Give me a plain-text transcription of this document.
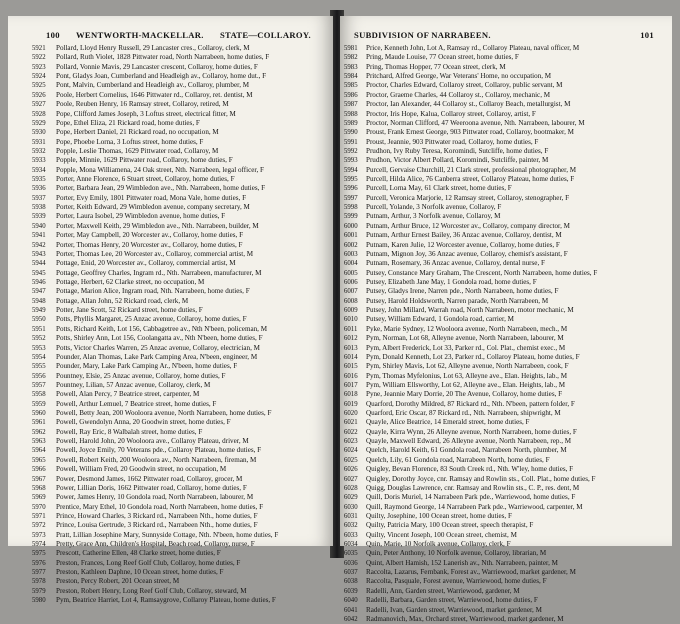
100 WENTWORTH-MACKELLAR. STATE—COLLAROY.
5921 Pollard, Lloyd Henry Russell, 29 Lancaster cres., Collaroy, clerk, M
5922 Pollard, Ruth Violet, 1828 Pittwater road, North Narrabeen, home duties, F
5923 Pollard, Vonnie Mavis, 29 Lancaster crescent, Collaroy, home duties, F
5924 Pont, Gladys Joan, Cumberland and Headleigh av., Collaroy, home dut., F
5925 Pont, Malvin, Cumberland and Headleigh av., Collaroy, plumber, M
5926 Poole, Herbert Cornelius, 1646 Pittwater rd., Collaroy, ret. dentist, M
5927 Poole, Reuben Henry, 16 Ramsay street, Collaroy, retired, M
5928 Pope, Clifford James Joseph, 3 Loftus street, electrical fitter, M
5929 Pope, Ethel Eliza, 21 Rickard road, home duties, F
5930 Pope, Herbert Daniel, 21 Rickard road, no occupation, M
5931 Pope, Phoebe Lorna, 3 Loftus street, home duties, F
5932 Popple, Leslie Thomas, 1629 Pittwater road, Collaroy, M
5933 Popple, Minnie, 1629 Pittwater road, Collaroy, home duties, F
5934 Popple, Mona Williamena, 24 Oak street, Nth. Narrabeen, legal officer, F
5935 Porter, Anne Florence, 6 Stuart street, Collaroy, home duties, F
5936 Porter, Barbara Jean, 29 Wimbledon ave., Nth. Narrabeen, home duties, F
5937 Porter, Evy Emily, 1801 Pittwater road, Mona Vale, home duties, F
5938 Porter, Keith Edward, 29 Wimbledon avenue, company secretary, M
5939 Porter, Laura Isobel, 29 Wimbledon avenue, home duties, F
5940 Porter, Maxwell Keith, 29 Wimbledon ave., Nth. Narrabeen, builder, M
5941 Porter, May Campbell, 20 Worcester av., Collaroy, home duties, F
5942 Porter, Thomas Henry, 20 Worcester av., Collaroy, home duties, F
5943 Porter, Thomas Lee, 20 Worcester av., Collaroy, commercial artist, M
5944 Pottage, Enid, 20 Worcester av., Collaroy, commercial artist, M
5945 Pottage, Geoffrey Charles, Ingram rd., Nth. Narrabeen, manufacturer, M
5946 Pottage, Herbert, 62 Clarke street, no occupation, M
5947 Pottage, Marion Alice, Ingram road, Nth. Narrabeen, home duties, F
5948 Pottage, Allan John, 52 Rickard road, clerk, M
5949 Potter, Jane Scott, 52 Rickard street, home duties, F
5950 Potts, Phyllis Margaret, 25 Anzac avenue, Collaroy, home duties, F
5951 Potts, Richard Keith, Lot 156, Cabbagetree av., Nth N'been, policeman, M
5952 Potts, Shirley Ann, Lot 156, Coolangatta av., Nth N'been, home duties, F
5953 Potts, Victor Charles Warren, 25 Anzac avenue, Collaroy, electrician, M
5954 Pounder, Alan Thomas, Lake Park Camping Area, N'been, engineer, M
5955 Pounder, Mary, Lake Park Camping Ar., N'been, home duties, F
5956 Pountney, Elsie, 25 Anzac avenue, Collaroy, home duties, F
5957 Pountney, Lilian, 57 Anzac avenue, Collaroy, clerk, M
5958 Powell, Alan Percy, 7 Beatrice street, carpenter, M
5959 Powell, Arthur Lemuel, 7 Beatrice street, home duties, F
5960 Powell, Betty Jean, 200 Wooloora avenue, North Narrabeen, home duties, F
5961 Powell, Gwendolyn Anna, 20 Goodwin street, home duties, F
5962 Powell, Ray Eric, 8 Walbalah street, home duties, F
5963 Powell, Harold John, 20 Wooloora ave., Collaroy Plateau, driver, M
5964 Powell, Joyce Emily, 70 Veterans pde., Collaroy Plateau, home duties, F
5965 Powell, Robert Keith, 200 Wooloora av., North Narrabeen, fireman, M
5966 Powell, William Fred, 20 Goodwin street, no occupation, M
5967 Power, Desmond James, 1662 Pittwater road, Collaroy, grocer, M
5968 Power, Lillian Doris, 1662 Pittwater road, Collaroy, home duties, F
5969 Power, James Henry, 10 Gondola road, North Narrabeen, labourer, M
5970 Prentice, Mary Ethel, 10 Gondola road, North Narrabeen, home duties, F
5971 Prince, Howard Charles, 3 Rickard rd., Narrabeen Nth., home duties, F
5972 Prince, Louisa Gertrude, 3 Rickard rd., Narrabeen Nth., home duties, F
5973 Pratt, Lillian Josephine Mary, Sunnyside Cottage, Nth. N'been, home duties, F
5974 Pretty, Grace Ann, Children's Hospital, Beach road, Collaroy, nurse, F
5975 Prescott, Catherine Ellen, 48 Clarke street, home duties, F
5976 Preston, Frances, Long Reef Golf Club, Collaroy, home duties, F
5977 Preston, Kathleen Daphne, 10 Ocean street, home duties, F
5978 Preston, Percy Robert, 201 Ocean street, M
5979 Preston, Robert Henry, Long Reef Golf Club, Collaroy, steward, M
5980 Pym, Beatrice Harriet, Lot 4, Ramsaygrove, Collaroy Plateau, home duties, F
SUBDIVISION OF NARRABEEN.	101
5981 Price, Kenneth John, Lot A, Ramsay rd., Collaroy Plateau, naval officer, M
5982 Pring, Maude Louise, 77 Ocean street, home duties, F
5983 Pring, Thomas Hopper, 77 Ocean street, clerk, M
5984 Pritchard, Alfred George, War Veterans' Home, no occupation, M
5985 Proctor, Charles Edward, Collaroy street, Collaroy, public servant, M
5986 Proctor, Graeme Charles, 44 Collaroy st., Collaroy, mechanic, M
5987 Proctor, Ian Alexander, 44 Collaroy st., Collaroy Beach, metallurgist, M
5988 Proctor, Iris Hope, Kalua, Collaroy street, Collaroy, artist, F
5989 Proctor, Norman Clifford, 47 Weeroona avenue, Nth. Narrabeen, labourer, M
5990 Proust, Frank Ernest George, 903 Pittwater road, Collaroy, bootmaker, M
5991 Proust, Jeannie, 903 Pittwater road, Collaroy, home duties, F
5992 Prudhon, Ivy Ruby Teresa, Koromindi, Sutcliffe, home duties, F
5993 Prudhon, Victor Albert Pollard, Koromindi, Sutcliffe, painter, M
5994 Purcell, Gervaise Churchill, 21 Clark street, professional photographer, M
5995 Purcell, Hilda Alice, 76 Canberra street, Collaroy Plateau, home duties, F
5996 Purcell, Lorna May, 61 Clark street, home duties, F
5997 Purcell, Veronica Marjorie, 12 Ramsay street, Collaroy, stenographer, F
5998 Purcell, Yolande, 3 Norfolk avenue, Collaroy, F
5999 Putnam, Arthur, 3 Norfolk avenue, Collaroy, M
6000 Putnam, Arthur Bruce, 12 Worcester av., Collaroy, company director, M
6001 Putnam, Arthur Ernest Bailey, 36 Anzac avenue, Collaroy, dentist, M
6002 Putnam, Karen Julie, 12 Worcester avenue, Collaroy, home duties, F
6003 Putnam, Mignon Joy, 36 Anzac avenue, Collaroy, chemist's assistant, F
6004 Putnam, Rosemary, 36 Anzac avenue, Collaroy, dental nurse, F
6005 Putsey, Constance Mary Graham, The Crescent, North Narrabeen, home duties, F
6006 Putsey, Elizabeth Jane May, 1 Gondola road, home duties, F
6007 Putsey, Gladys Irene, Narren pde., North Narrabeen, home duties, F
6008 Putsey, Harold Holdsworth, Narren parade, North Narrabeen, M
6009 Putsey, John Millard, Warrah road, North Narrabeen, motor mechanic, M
6010 Putsey, William Edward, 1 Gondola road, carrier, M
6011 Pyke, Marie Sydney, 12 Wooloora avenue, North Narrabeen, mech., M
6012 Pym, Norman, Lot 68, Alleyne avenue, North Narrabeen, labourer, M
6013 Pym, Albert Frederick, Lot 33, Parker rd., Col. Plat., chemist exec., M
6014 Pym, Donald Kenneth, Lot 23, Parker rd., Collaroy Plateau, home duties, F
6015 Pym, Shirley Mavis, Lot 62, Alleyne avenue, North Narrabeen, cook, F
6016 Pym, Thomas Myfelonius, Lot 63, Alleyne ave., Elan. Heights, lab., M
6017 Pym, William Ellsworthy, Lot 62, Alleyne ave., Elan. Heights, lab., M
6018 Pyne, Jeannie Mary Dorrie, 20 The Avenue, Collaroy, home duties, F
6019 Quarford, Dorothy Mildred, 87 Rickard rd., Nth. N'been, pattern folder, F
6020 Quarford, Eric Oscar, 87 Rickard rd., Nth. Narrabeen, shipwright, M
6021 Quayle, Alice Beatrice, 14 Emerald street, home duties, F
6022 Quayle, Kirra Wynn, 26 Alleyne avenue, North Narrabeen, home duties, F
6023 Quayle, Maxwell Edward, 26 Alleyne avenue, North Narrabeen, rep., M
6024 Quelch, Harold Keith, 61 Gondola road, Narrabeen North, plumber, M
6025 Quelch, Lily, 61 Gondola road, Narrabeen North, home duties, F
6026 Quigley, Bevan Florence, 83 South Creek rd., Nth. W'ley, home duties, F
6027 Quigley, Dorothy Joyce, cnr. Ramsay and Rowlin sts., Coll. Plat., home duties, F
6028 Quigg, Douglas Lawrence, cnr. Ramsay and Rowlin sts., C. P., res. dent, M
6029 Quill, Doris Muriel, 14 Narrabeen Park pde., Warriewood, home duties, F
6030 Quill, Raymond George, 14 Narrabeen Park pde., Warriewood, carpenter, M
6031 Quilty, Josephine, 100 Ocean street, home duties, F
6032 Quilty, Patricia Mary, 100 Ocean street, speech therapist, F
6033 Quilty, Vincent Joseph, 100 Ocean street, chemist, M
6034 Quin, Marie, 10 Norfolk avenue, Collaroy, clerk, F
6035 Quin, Peter Anthony, 10 Norfolk avenue, Collaroy, librarian, M
6036 Quint, Albert Hamish, 152 Lanerish av., Nth. Narrabeen, painter, M
6037 Raccolta, Lazarus, Fernbank, Forest av., Warriewood, market gardener, M
6038 Raccolta, Pasquale, Forest avenue, Warriewood, home duties, F
6039 Radelli, Ann, Garden street, Warriewood, gardener, M
6040 Radelli, Barbara, Garden street, Warriewood, home duties, F
6041 Radelli, Ivan, Garden street, Warriewood, market gardener, M
6042 Radmanovich, Max, Orchard street, Warriewood, market gardener, M
